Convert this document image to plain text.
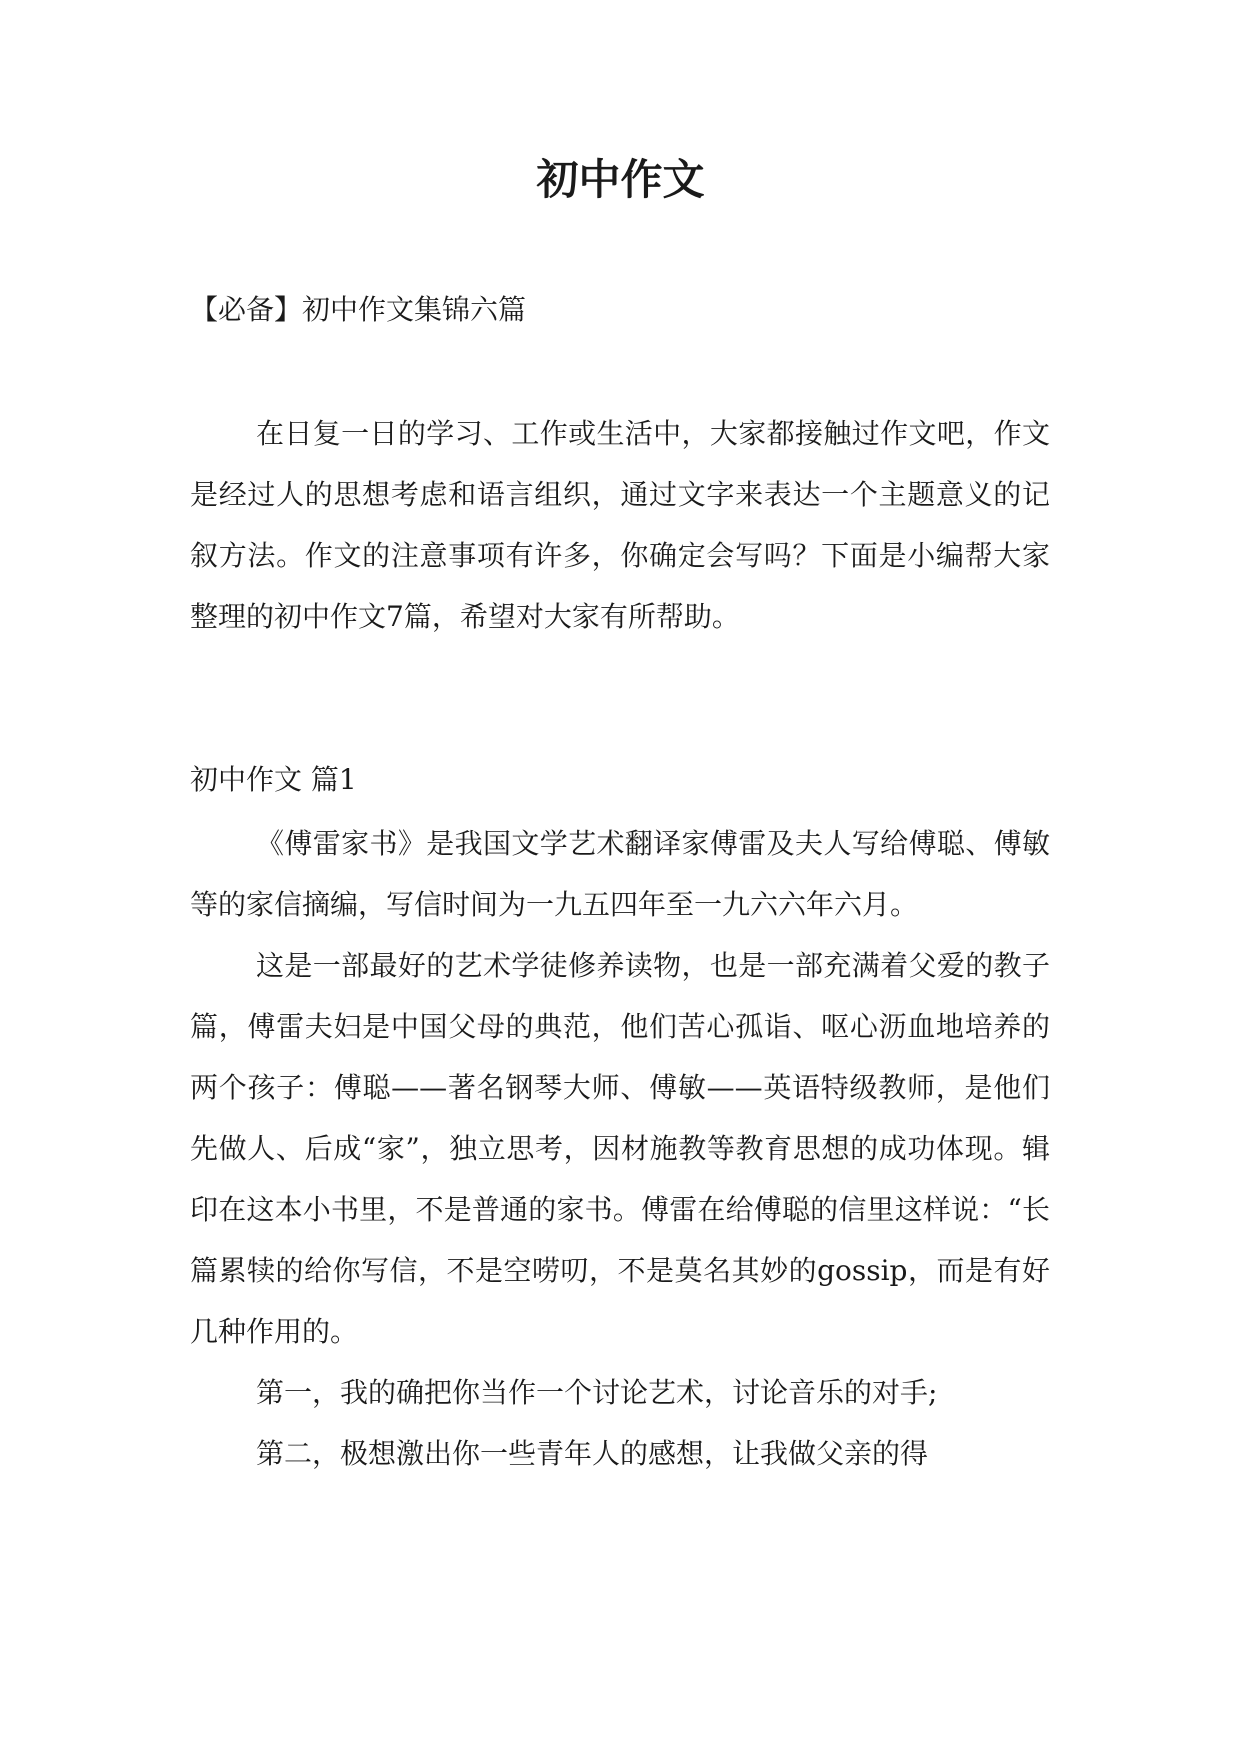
初中作文

【必备】初中作文集锦六篇

在日复一日的学习、工作或生活中，大家都接触过作文吧，作文是经过人的思想考虑和语言组织，通过文字来表达一个主题意义的记叙方法。作文的注意事项有许多，你确定会写吗？下面是小编帮大家整理的初中作文7篇，希望对大家有所帮助。

初中作文 篇1

《傅雷家书》是我国文学艺术翻译家傅雷及夫人写给傅聪、傅敏等的家信摘编，写信时间为一九五四年至一九六六年六月。

这是一部最好的艺术学徒修养读物，也是一部充满着父爱的教子篇，傅雷夫妇是中国父母的典范，他们苦心孤诣、呕心沥血地培养的两个孩子：傅聪——著名钢琴大师、傅敏——英语特级教师，是他们先做人、后成“家”，独立思考，因材施教等教育思想的成功体现。辑印在这本小书里，不是普通的家书。傅雷在给傅聪的信里这样说：“长篇累犊的给你写信，不是空唠叨，不是莫名其妙的gossip，而是有好几种作用的。

第一，我的确把你当作一个讨论艺术，讨论音乐的对手;

第二，极想激出你一些青年人的感想，让我做父亲的得
